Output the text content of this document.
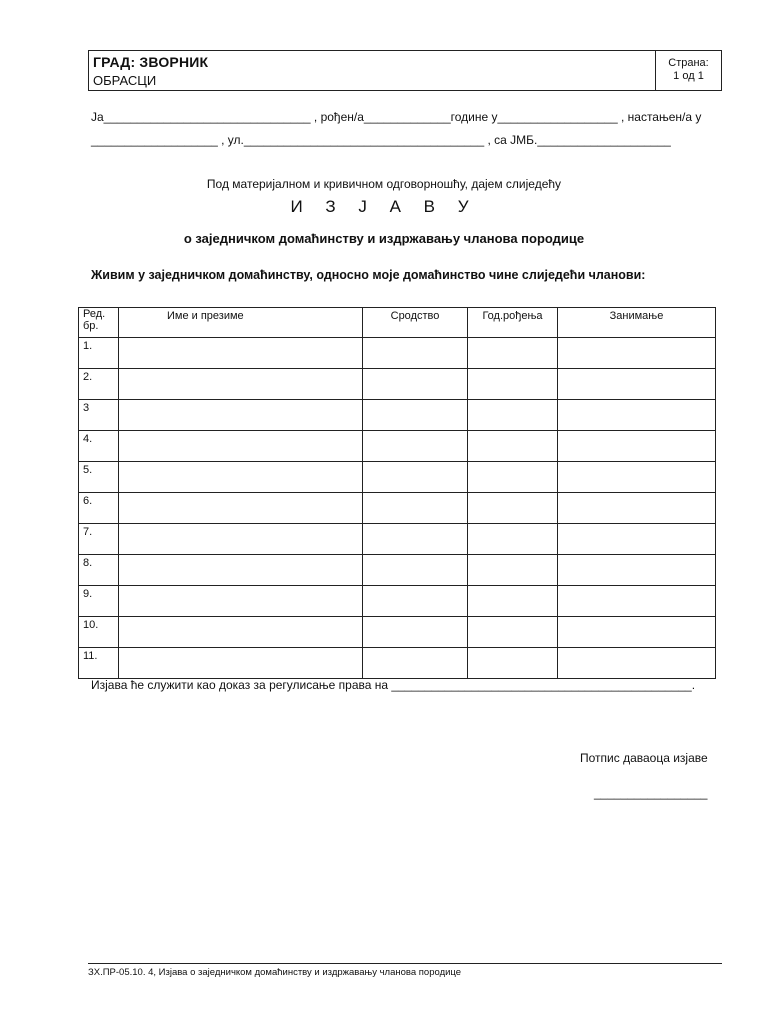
ГРАД: ЗВОРНИК
ОБРАСЦИ
Страна:
1 од 1
Ја_______________________________ , рођен/а_____________године у__________________ , настањен/а у
___________________ , ул.____________________________________ , са ЈМБ.____________________
Под материјалном и кривичном одговорношћу, дајем слиједећу
И З Ј А В У
о заједничком домаћинству и издржавању чланова породице
Живим у заједничком домаћинству, односно моје домаћинство чине слиједећи чланови:
Ред. бр.	Име и презиме	Сродство	Год.рођења	Занимање
1.				
2.				
3				
4.				
5.				
6.				
7.				
8.				
9.				
10.				
11.				
Изјава ће служити као доказ за регулисање права на _____________________________________________.
Потпис даваоца изјаве
_________________
ЗХ.ПР-05.10. 4, Изјава о заједничком домаћинству и издржавању чланова породице
